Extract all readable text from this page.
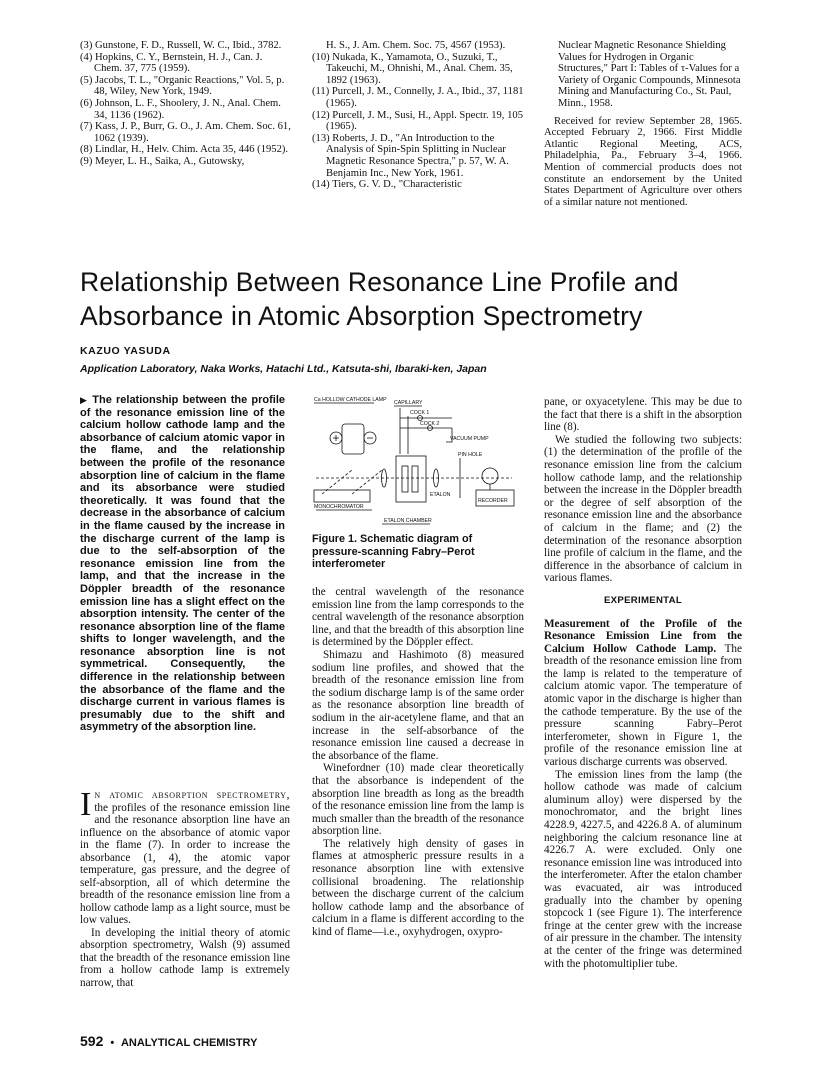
(3) Gunstone, F. D., Russell, W. C., Ibid., 3782.

(4) Hopkins, C. Y., Bernstein, H. J., Can. J. Chem. 37, 775 (1959).

(5) Jacobs, T. L., "Organic Reactions," Vol. 5, p. 48, Wiley, New York, 1949.

(6) Johnson, L. F., Shoolery, J. N., Anal. Chem. 34, 1136 (1962).

(7) Kass, J. P., Burr, G. O., J. Am. Chem. Soc. 61, 1062 (1939).

(8) Lindlar, H., Helv. Chim. Acta 35, 446 (1952).

(9) Meyer, L. H., Saika, A., Gutowsky,

H. S., J. Am. Chem. Soc. 75, 4567 (1953).

(10) Nukada, K., Yamamota, O., Suzuki, T., Takeuchi, M., Ohnishi, M., Anal. Chem. 35, 1892 (1963).

(11) Purcell, J. M., Connelly, J. A., Ibid., 37, 1181 (1965).

(12) Purcell, J. M., Susi, H., Appl. Spectr. 19, 105 (1965).

(13) Roberts, J. D., "An Introduction to the Analysis of Spin-Spin Splitting in Nuclear Magnetic Resonance Spectra," p. 57, W. A. Benjamin Inc., New York, 1961.

(14) Tiers, G. V. D., "Characteristic

Nuclear Magnetic Resonance Shielding Values for Hydrogen in Organic Structures," Part I: Tables of τ-Values for a Variety of Organic Compounds, Minnesota Mining and Manufacturing Co., St. Paul, Minn., 1958.

Received for review September 28, 1965. Accepted February 2, 1966. First Middle Atlantic Regional Meeting, ACS, Philadelphia, Pa., February 3–4, 1966. Mention of commercial products does not constitute an endorsement by the United States Department of Agriculture over others of a similar nature not mentioned.

Relationship Between Resonance Line Profile and
Absorbance in Atomic Absorption Spectrometry
KAZUO YASUDA
Application Laboratory, Naka Works, Hatachi Ltd., Katsuta-shi, Ibaraki-ken, Japan
▶ The relationship between the profile of the resonance emission line of the calcium hollow cathode lamp and the absorbance of calcium atomic vapor in the flame, and the relationship between the profile of the resonance absorption line of calcium in the flame and its absorbance were studied theoretically. It was found that the decrease in the absorbance of calcium in the flame caused by the increase in the discharge current of the lamp is due to the self-absorption of the resonance emission line from the lamp, and that the increase in the Döppler breadth of the resonance emission line has a slight effect on the absorption intensity. The center of the resonance absorption line of the flame shifts to longer wavelength, and the resonance absorption line is not symmetrical. Consequently, the difference in the relationship between the absorbance of the flame and the discharge current in various flames is presumably due to the shift and asymmetry of the absorption line.

In atomic absorption spectrometry, the profiles of the resonance emission line and the resonance absorption line have an influence on the absorbance of atomic vapor in the flame (7). In order to increase the absorbance (1, 4), the atomic vapor temperature, gas pressure, and the degree of self-absorption, all of which determine the breadth of the resonance emission line from a hollow cathode lamp as a light source, must be low values.

In developing the initial theory of atomic absorption spectrometry, Walsh (9) assumed that the breadth of the resonance emission line from a hollow cathode lamp is extremely narrow, that

Ca HOLLOW CATHODE LAMP CAPILLARY
COCK 1
COCK 2
VACUUM PUMP
PIN HOLE
ETALON
RECORDER
MONOCHROMATOR
ETALON CHAMBER
Figure 1. Schematic diagram of pressure-scanning Fabry–Perot interferometer

the central wavelength of the resonance emission line from the lamp corresponds to the central wavelength of the resonance absorption line, and that the breadth of this absorption line is determined by the Döppler effect.

Shimazu and Hashimoto (8) measured sodium line profiles, and showed that the breadth of the resonance emission line from the sodium discharge lamp is of the same order as the resonance absorption line breadth of sodium in the air-acetylene flame, and that an increase in the self-absorbance of the resonance emission line caused a decrease in the absorbance of the flame.

Winefordner (10) made clear theoretically that the absorbance is independent of the absorption line breadth as long as the breadth of the resonance emission line from the lamp is much smaller than the breadth of the resonance absorption line.

The relatively high density of gases in flames at atmospheric pressure results in a resonance absorption line with extensive collisional broadening. The relationship between the discharge current of the calcium hollow cathode lamp and the absorbance of calcium in a flame is different according to the kind of flame—i.e., oxyhydrogen, oxypro-

pane, or oxyacetylene. This may be due to the fact that there is a shift in the absorption line (8).

We studied the following two subjects: (1) the determination of the profile of the resonance emission line from the calcium hollow cathode lamp, and the relationship between the increase in the Döppler breadth or the degree of self absorption of the resonance emission line and the absorbance of calcium in the flame; and (2) the determination of the resonance absorption line profile of calcium in the flame, and the difference in the absorbance of calcium in various flames.

EXPERIMENTAL

Measurement of the Profile of the Resonance Emission Line from the Calcium Hollow Cathode Lamp. The breadth of the resonance emission line from the lamp is related to the temperature of calcium atomic vapor. The temperature of atomic vapor in the discharge is higher than the cathode temperature. By the use of the pressure scanning Fabry–Perot interferometer, shown in Figure 1, the profile of the resonance emission line at various discharge currents was observed.

The emission lines from the lamp (the hollow cathode was made of calcium aluminum alloy) were dispersed by the monochromator, and the bright lines 4228.9, 4227.5, and 4226.8 A. of aluminum neighboring the calcium resonance line at 4226.7 A. were excluded. Only one resonance emission line was introduced into the interferometer. After the etalon chamber was evacuated, air was introduced gradually into the chamber by opening stopcock 1 (see Figure 1). The interference fringe at the center grew with the increase of air pressure in the chamber. The intensity at the center of the fringe was determined with the photomultiplier tube.

592 • ANALYTICAL CHEMISTRY
